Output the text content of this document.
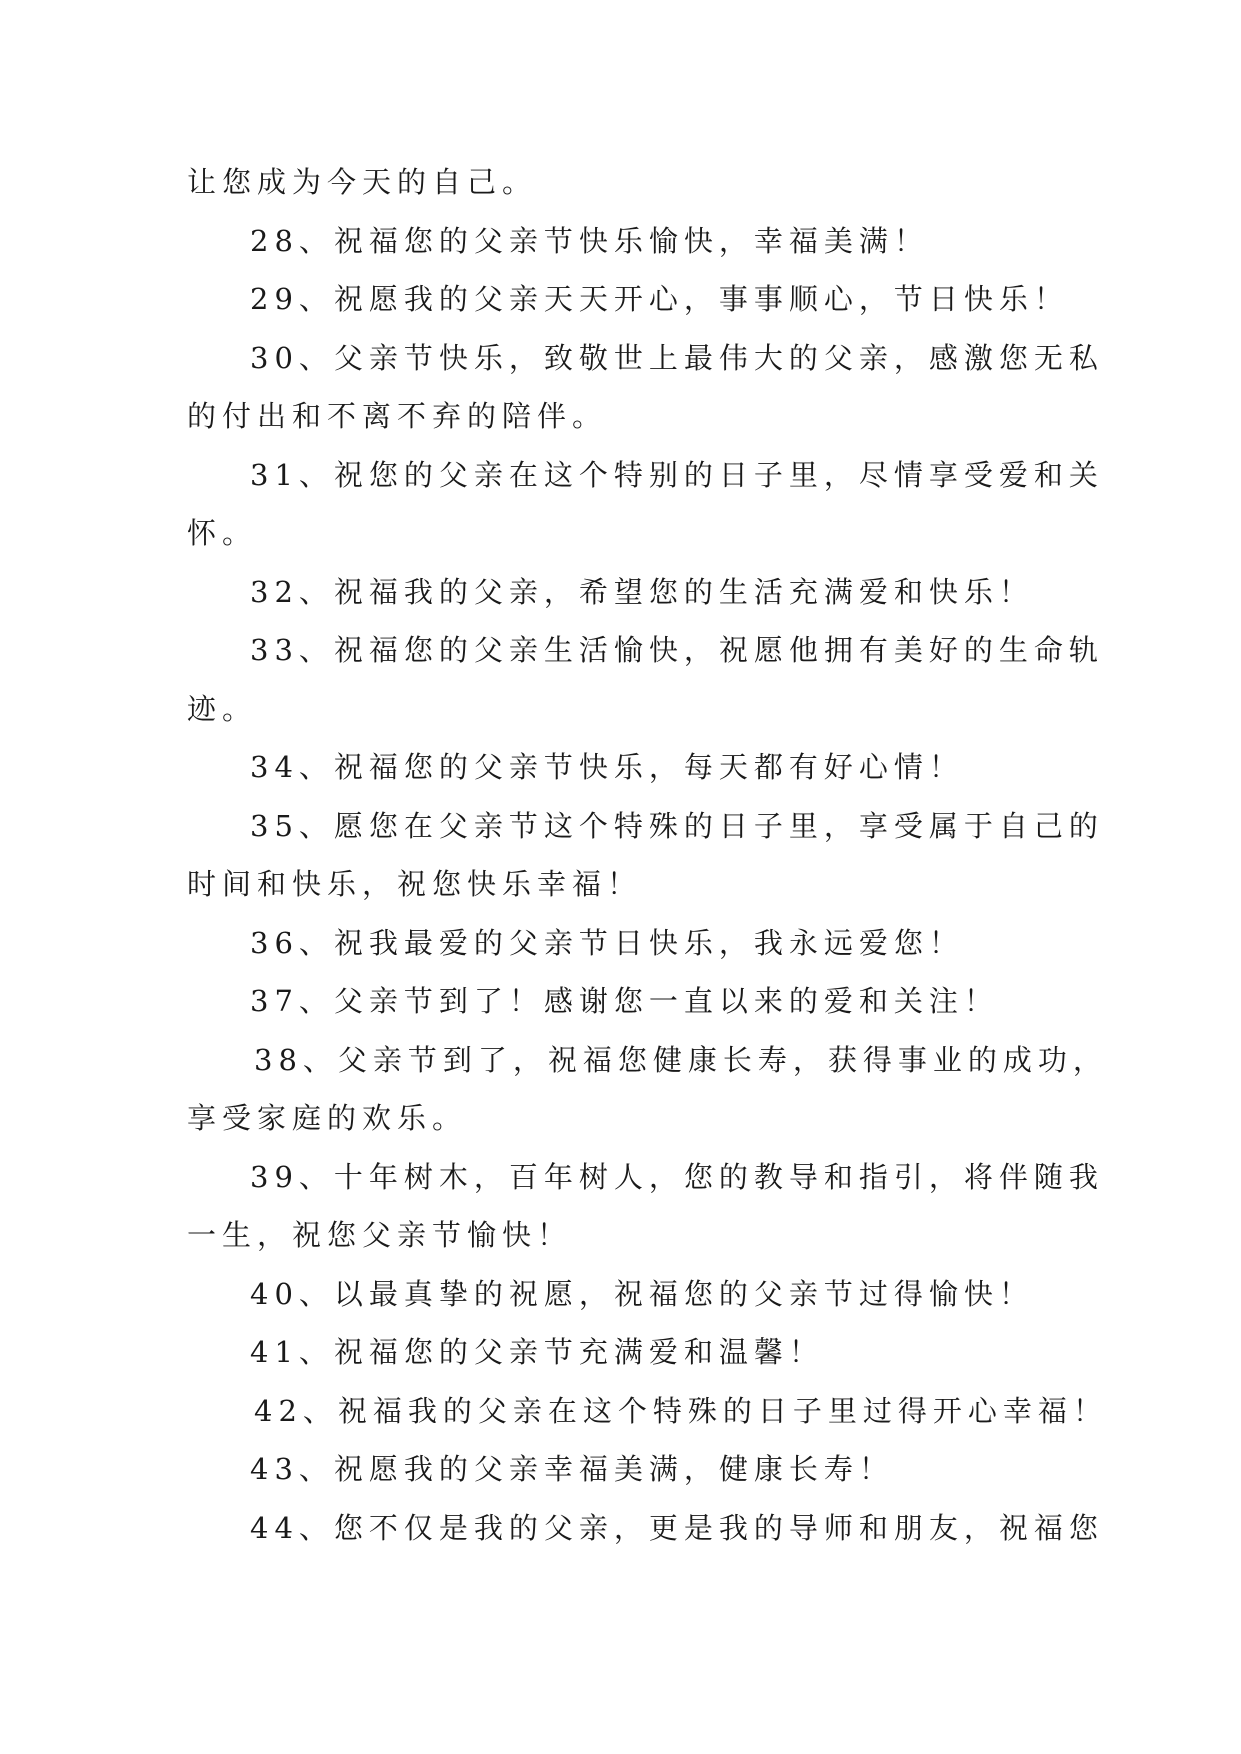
让您成为今天的自己。
28、祝福您的父亲节快乐愉快，幸福美满！
29、祝愿我的父亲天天开心，事事顺心，节日快乐！
30、父亲节快乐，致敬世上最伟大的父亲，感激您无私
的付出和不离不弃的陪伴。
31、祝您的父亲在这个特别的日子里，尽情享受爱和关
怀。
32、祝福我的父亲，希望您的生活充满爱和快乐！
33、祝福您的父亲生活愉快，祝愿他拥有美好的生命轨
迹。
34、祝福您的父亲节快乐，每天都有好心情！
35、愿您在父亲节这个特殊的日子里，享受属于自己的
时间和快乐，祝您快乐幸福！
36、祝我最爱的父亲节日快乐，我永远爱您！
37、父亲节到了！感谢您一直以来的爱和关注！
38、父亲节到了，祝福您健康长寿，获得事业的成功，
享受家庭的欢乐。
39、十年树木，百年树人，您的教导和指引，将伴随我
一生，祝您父亲节愉快！
40、以最真挚的祝愿，祝福您的父亲节过得愉快！
41、祝福您的父亲节充满爱和温馨！
42、祝福我的父亲在这个特殊的日子里过得开心幸福！
43、祝愿我的父亲幸福美满，健康长寿！
44、您不仅是我的父亲，更是我的导师和朋友，祝福您
